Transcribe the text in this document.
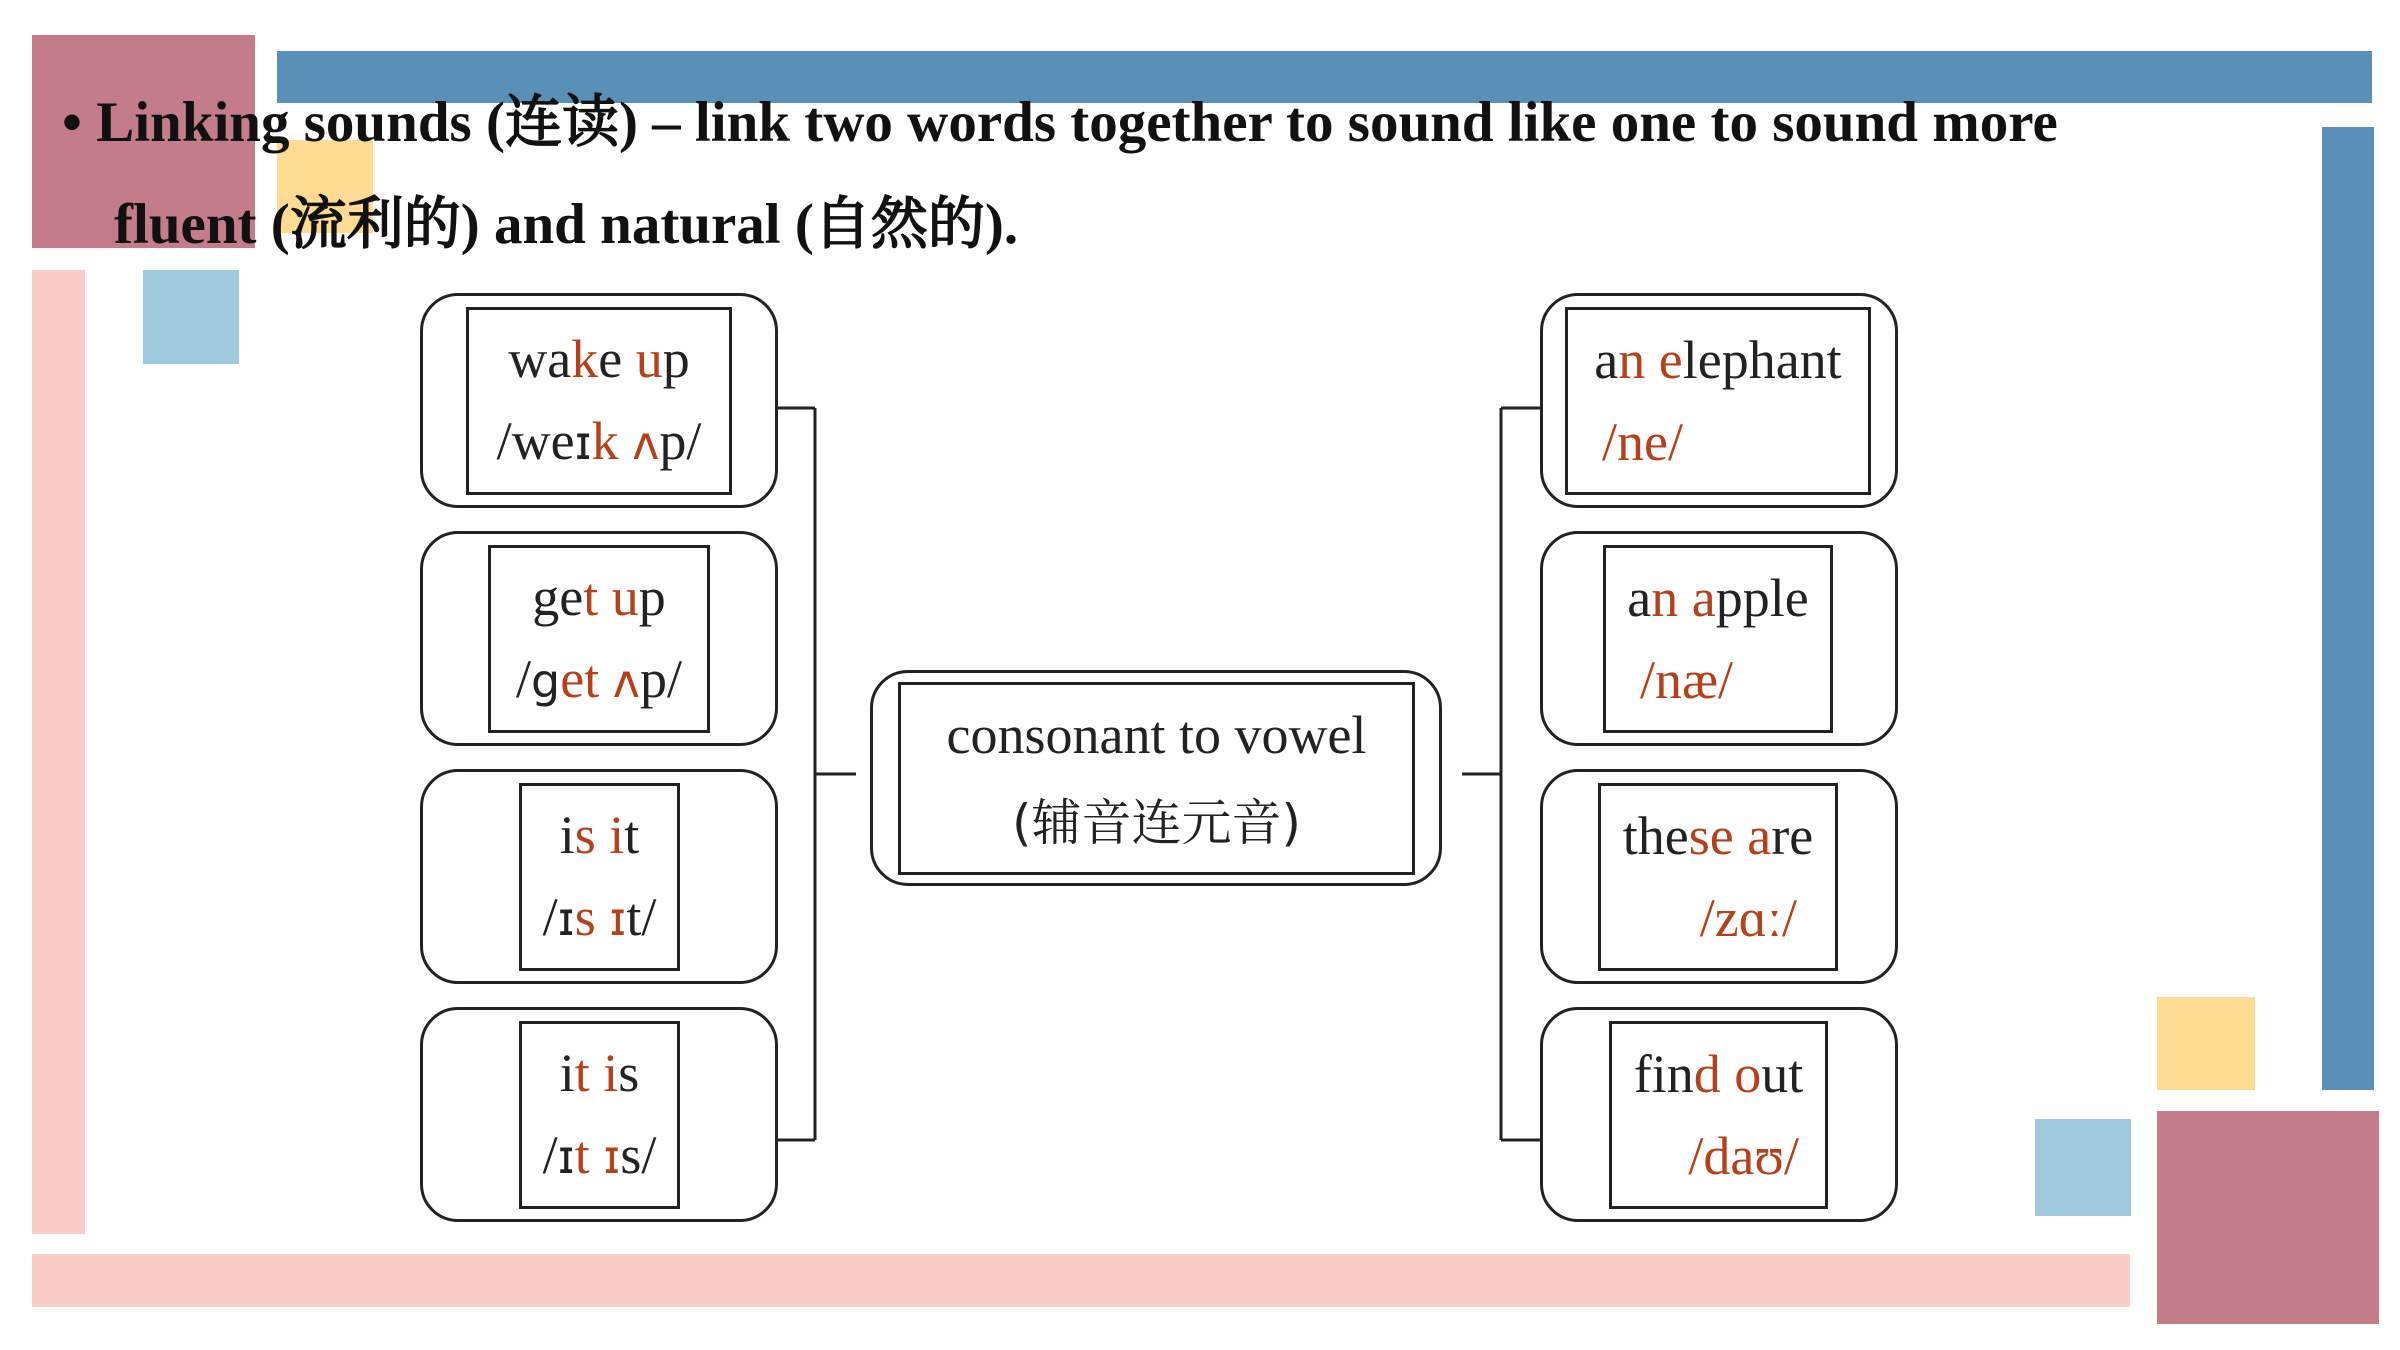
• Linking sounds (连读) – link two words together to sound like one to sound more
fluent (流利的) and natural (自然的).
consonant to vowel
(辅音连元音)
wake up
/weɪk ʌp/
get up
/get ʌp/
is it
/ɪs ɪt/
it is
/ɪt ɪs/
an elephant
/ne/
an apple
/næ/
these are
/zɑː/
find out
/daʊ/
